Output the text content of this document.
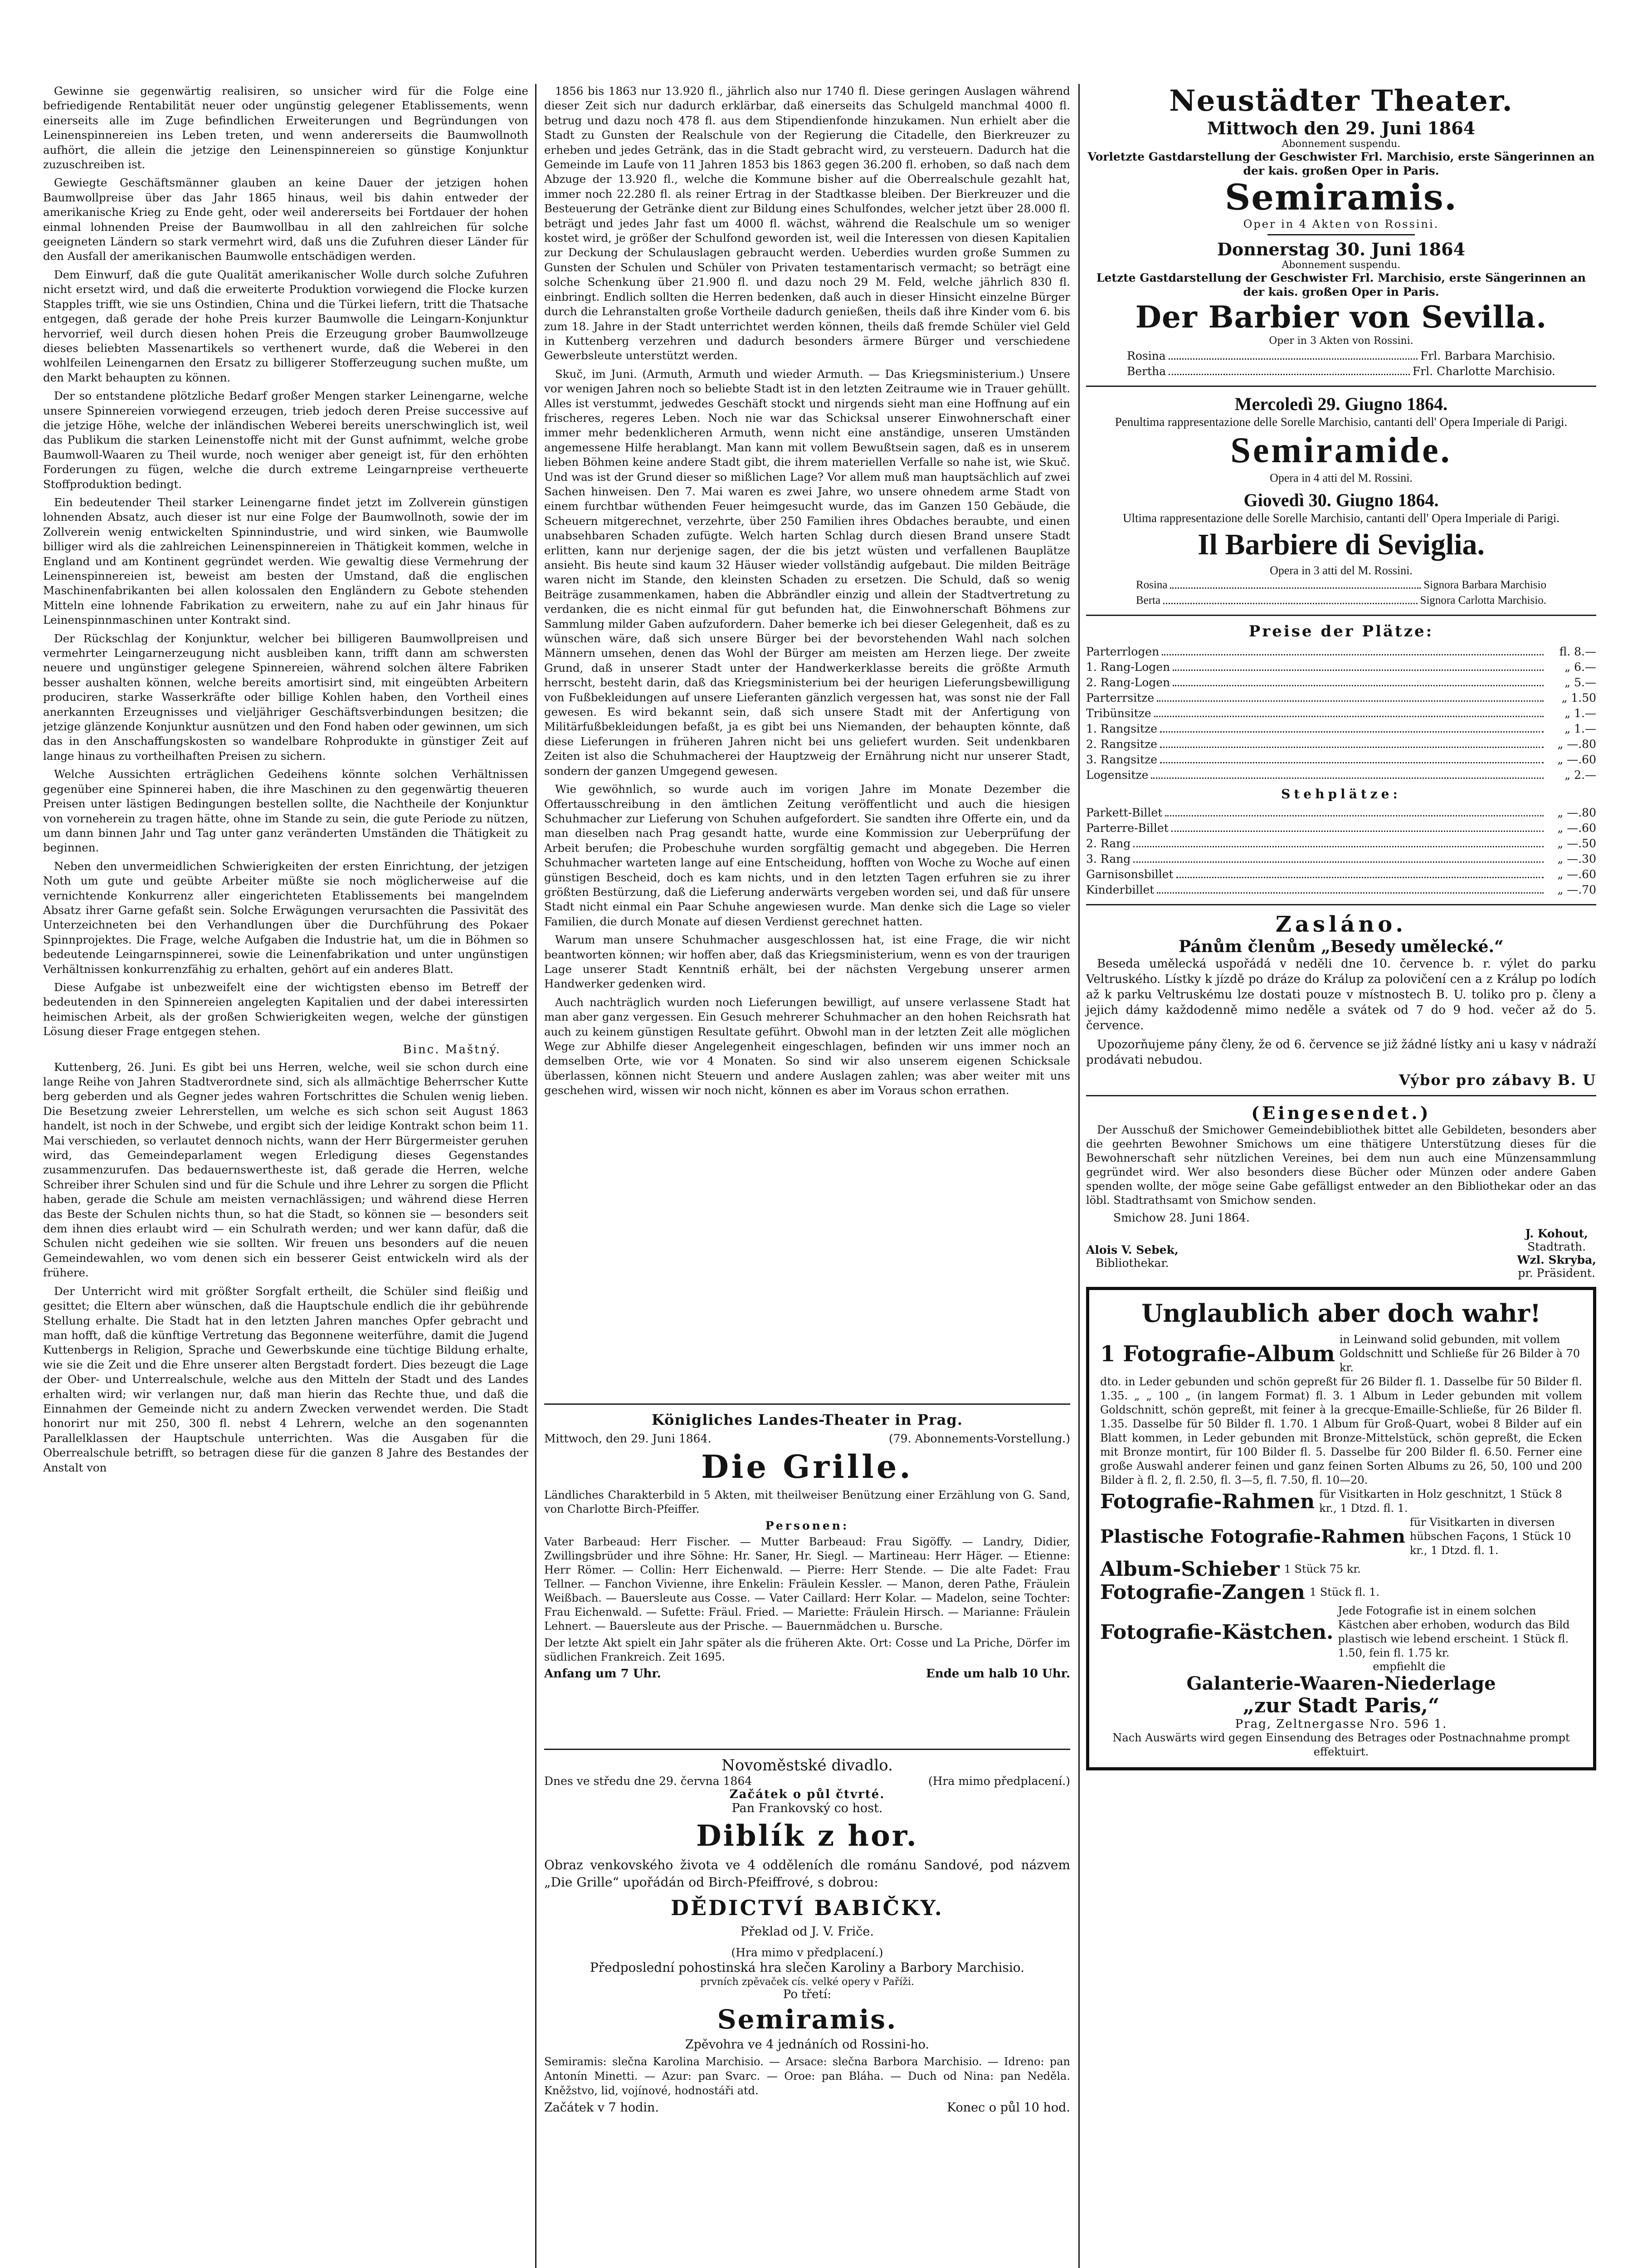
Gewinne sie gegenwärtig realisiren, so unsicher wird für die Folge eine befriedigende Rentabilität neuer oder ungünstig gelegener Etablissements, wenn einerseits alle im Zuge befindlichen Erweiterungen und Begründungen von Leinenspinnereien ins Leben treten, und wenn andererseits die Baumwollnoth aufhört, die allein die jetzige den Leinenspinnereien so günstige Konjunktur zuzuschreiben ist.

Gewiegte Geschäftsmänner glauben an keine Dauer der jetzigen hohen Baumwollpreise über das Jahr 1865 hinaus, weil bis dahin entweder der amerikanische Krieg zu Ende geht, oder weil andererseits bei Fortdauer der hohen einmal lohnenden Preise der Baumwollbau in all den zahlreichen für solche geeigneten Ländern so stark vermehrt wird, daß uns die Zufuhren dieser Länder für den Ausfall der amerikanischen Baumwolle entschädigen werden.

Dem Einwurf, daß die gute Qualität amerikanischer Wolle durch solche Zufuhren nicht ersetzt wird, und daß die erweiterte Produktion vorwiegend die Flocke kurzen Stapples trifft, wie sie uns Ostindien, China und die Türkei liefern, tritt die Thatsache entgegen, daß gerade der hohe Preis kurzer Baumwolle die Leingarn-Konjunktur hervorrief, weil durch diesen hohen Preis die Erzeugung grober Baumwollzeuge dieses beliebten Massenartikels so verthenert wurde, daß die Weberei in den wohlfeilen Leinengarnen den Ersatz zu billigerer Stofferzeugung suchen mußte, um den Markt behaupten zu können.

Der so entstandene plötzliche Bedarf großer Mengen starker Leinengarne, welche unsere Spinnereien vorwiegend erzeugen, trieb jedoch deren Preise successive auf die jetzige Höhe, welche der inländischen Weberei bereits unerschwinglich ist, weil das Publikum die starken Leinenstoffe nicht mit der Gunst aufnimmt, welche grobe Baumwoll-Waaren zu Theil wurde, noch weniger aber geneigt ist, für den erhöhten Forderungen zu fügen, welche die durch extreme Leingarnpreise vertheuerte Stoffproduktion bedingt.

Ein bedeutender Theil starker Leinengarne findet jetzt im Zollverein günstigen lohnenden Absatz, auch dieser ist nur eine Folge der Baumwollnoth, sowie der im Zollverein wenig entwickelten Spinnindustrie, und wird sinken, wie Baumwolle billiger wird als die zahlreichen Leinenspinnereien in Thätigkeit kommen, welche in England und am Kontinent gegründet werden. Wie gewaltig diese Vermehrung der Leinenspinnereien ist, beweist am besten der Umstand, daß die englischen Maschinenfabrikanten bei allen kolossalen den Engländern zu Gebote stehenden Mitteln eine lohnende Fabrikation zu erweitern, nahe zu auf ein Jahr hinaus für Leinenspinnmaschinen unter Kontrakt sind.

Der Rückschlag der Konjunktur, welcher bei billigeren Baumwollpreisen und vermehrter Leingarnerzeugung nicht ausbleiben kann, trifft dann am schwersten neuere und ungünstiger gelegene Spinnereien, während solchen ältere Fabriken besser aushalten können, welche bereits amortisirt sind, mit eingeübten Arbeitern produciren, starke Wasserkräfte oder billige Kohlen haben, den Vortheil eines anerkannten Erzeugnisses und vieljähriger Geschäftsverbindungen besitzen; die jetzige glänzende Konjunktur ausnützen und den Fond haben oder gewinnen, um sich das in den Anschaffungskosten so wandelbare Rohprodukte in günstiger Zeit auf lange hinaus zu vortheilhaften Preisen zu sichern.

Welche Aussichten erträglichen Gedeihens könnte solchen Verhältnissen gegenüber eine Spinnerei haben, die ihre Maschinen zu den gegenwärtig theueren Preisen unter lästigen Bedingungen bestellen sollte, die Nachtheile der Konjunktur von vorneherein zu tragen hätte, ohne im Stande zu sein, die gute Periode zu nützen, um dann binnen Jahr und Tag unter ganz veränderten Umständen die Thätigkeit zu beginnen.

Neben den unvermeidlichen Schwierigkeiten der ersten Einrichtung, der jetzigen Noth um gute und geübte Arbeiter müßte sie noch möglicherweise auf die vernichtende Konkurrenz aller eingerichteten Etablissements bei mangelndem Absatz ihrer Garne gefaßt sein. Solche Erwägungen verursachten die Passivität des Unterzeichneten bei den Verhandlungen über die Durchführung des Pokaer Spinnprojektes. Die Frage, welche Aufgaben die Industrie hat, um die in Böhmen so bedeutende Leingarnspinnerei, sowie die Leinenfabrikation und unter ungünstigen Verhältnissen konkurrenzfähig zu erhalten, gehört auf ein anderes Blatt.

Diese Aufgabe ist unbezweifelt eine der wichtigsten ebenso im Betreff der bedeutenden in den Spinnereien angelegten Kapitalien und der dabei interessirten heimischen Arbeit, als der großen Schwierigkeiten wegen, welche der günstigen Lösung dieser Frage entgegen stehen.

Binc. Maštný.

Kuttenberg, 26. Juni. Es gibt bei uns Herren, welche, weil sie schon durch eine lange Reihe von Jahren Stadtverordnete sind, sich als allmächtige Beherrscher Kutte berg geberden und als Gegner jedes wahren Fortschrittes die Schulen wenig lieben. Die Besetzung zweier Lehrerstellen, um welche es sich schon seit August 1863 handelt, ist noch in der Schwebe, und ergibt sich der leidige Kontrakt schon beim 11. Mai verschieden, so verlautet dennoch nichts, wann der Herr Bürgermeister geruhen wird, das Gemeindeparlament wegen Erledigung dieses Gegenstandes zusammenzurufen. Das bedauernswertheste ist, daß gerade die Herren, welche Schreiber ihrer Schulen sind und für die Schule und ihre Lehrer zu sorgen die Pflicht haben, gerade die Schule am meisten vernachlässigen; und während diese Herren das Beste der Schulen nichts thun, so hat die Stadt, so können sie — besonders seit dem ihnen dies erlaubt wird — ein Schulrath werden; und wer kann dafür, daß die Schulen nicht gedeihen wie sie sollten. Wir freuen uns besonders auf die neuen Gemeindewahlen, wo vom denen sich ein besserer Geist entwickeln wird als der frühere.

Der Unterricht wird mit größter Sorgfalt ertheilt, die Schüler sind fleißig und gesittet; die Eltern aber wünschen, daß die Hauptschule endlich die ihr gebührende Stellung erhalte. Die Stadt hat in den letzten Jahren manches Opfer gebracht und man hofft, daß die künftige Vertretung das Begonnene weiterführe, damit die Jugend Kuttenbergs in Religion, Sprache und Gewerbskunde eine tüchtige Bildung erhalte, wie sie die Zeit und die Ehre unserer alten Bergstadt fordert. Dies bezeugt die Lage der Ober- und Unterrealschule, welche aus den Mitteln der Stadt und des Landes erhalten wird; wir verlangen nur, daß man hierin das Rechte thue, und daß die Einnahmen der Gemeinde nicht zu andern Zwecken verwendet werden. Die Stadt honorirt nur mit 250, 300 fl. nebst 4 Lehrern, welche an den sogenannten Parallelklassen der Hauptschule unterrichten. Was die Ausgaben für die Oberrealschule betrifft, so betragen diese für die ganzen 8 Jahre des Bestandes der Anstalt von

1856 bis 1863 nur 13.920 fl., jährlich also nur 1740 fl. Diese geringen Auslagen während dieser Zeit sich nur dadurch erklärbar, daß einerseits das Schulgeld manchmal 4000 fl. betrug und dazu noch 478 fl. aus dem Stipendienfonde hinzukamen. Nun erhielt aber die Stadt zu Gunsten der Realschule von der Regierung die Citadelle, den Bierkreuzer zu erheben und jedes Getränk, das in die Stadt gebracht wird, zu versteuern. Dadurch hat die Gemeinde im Laufe von 11 Jahren 1853 bis 1863 gegen 36.200 fl. erhoben, so daß nach dem Abzuge der 13.920 fl., welche die Kommune bisher auf die Oberrealschule gezahlt hat, immer noch 22.280 fl. als reiner Ertrag in der Stadtkasse bleiben. Der Bierkreuzer und die Besteuerung der Getränke dient zur Bildung eines Schulfondes, welcher jetzt über 28.000 fl. beträgt und jedes Jahr fast um 4000 fl. wächst, während die Realschule um so weniger kostet wird, je größer der Schulfond geworden ist, weil die Interessen von diesen Kapitalien zur Deckung der Schulauslagen gebraucht werden. Ueberdies wurden große Summen zu Gunsten der Schulen und Schüler von Privaten testamentarisch vermacht; so beträgt eine solche Schenkung über 21.900 fl. und dazu noch 29 M. Feld, welche jährlich 830 fl. einbringt. Endlich sollten die Herren bedenken, daß auch in dieser Hinsicht einzelne Bürger durch die Lehranstalten große Vortheile dadurch genießen, theils daß ihre Kinder vom 6. bis zum 18. Jahre in der Stadt unterrichtet werden können, theils daß fremde Schüler viel Geld in Kuttenberg verzehren und dadurch besonders ärmere Bürger und verschiedene Gewerbsleute unterstützt werden.

Skuč, im Juni. (Armuth, Armuth und wieder Armuth. — Das Kriegsministerium.) Unsere vor wenigen Jahren noch so beliebte Stadt ist in den letzten Zeitraume wie in Trauer gehüllt. Alles ist verstummt, jedwedes Geschäft stockt und nirgends sieht man eine Hoffnung auf ein frischeres, regeres Leben. Noch nie war das Schicksal unserer Einwohnerschaft einer immer mehr bedenklicheren Armuth, wenn nicht eine anständige, unseren Umständen angemessene Hilfe herablangt. Man kann mit vollem Bewußtsein sagen, daß es in unserem lieben Böhmen keine andere Stadt gibt, die ihrem materiellen Verfalle so nahe ist, wie Skuč. Und was ist der Grund dieser so mißlichen Lage? Vor allem muß man hauptsächlich auf zwei Sachen hinweisen. Den 7. Mai waren es zwei Jahre, wo unsere ohnedem arme Stadt von einem furchtbar wüthenden Feuer heimgesucht wurde, das im Ganzen 150 Gebäude, die Scheuern mitgerechnet, verzehrte, über 250 Familien ihres Obdaches beraubte, und einen unabsehbaren Schaden zufügte. Welch harten Schlag durch diesen Brand unsere Stadt erlitten, kann nur derjenige sagen, der die bis jetzt wüsten und verfallenen Bauplätze ansieht. Bis heute sind kaum 32 Häuser wieder vollständig aufgebaut. Die milden Beiträge waren nicht im Stande, den kleinsten Schaden zu ersetzen. Die Schuld, daß so wenig Beiträge zusammenkamen, haben die Abbrändler einzig und allein der Stadtvertretung zu verdanken, die es nicht einmal für gut befunden hat, die Einwohnerschaft Böhmens zur Sammlung milder Gaben aufzufordern. Daher bemerke ich bei dieser Gelegenheit, daß es zu wünschen wäre, daß sich unsere Bürger bei der bevorstehenden Wahl nach solchen Männern umsehen, denen das Wohl der Bürger am meisten am Herzen liege. Der zweite Grund, daß in unserer Stadt unter der Handwerkerklasse bereits die größte Armuth herrscht, besteht darin, daß das Kriegsministerium bei der heurigen Lieferungsbewilligung von Fußbekleidungen auf unsere Lieferanten gänzlich vergessen hat, was sonst nie der Fall gewesen. Es wird bekannt sein, daß sich unsere Stadt mit der Anfertigung von Militärfußbekleidungen befaßt, ja es gibt bei uns Niemanden, der behaupten könnte, daß diese Lieferungen in früheren Jahren nicht bei uns geliefert wurden. Seit undenkbaren Zeiten ist also die Schuhmacherei der Hauptzweig der Ernährung nicht nur unserer Stadt, sondern der ganzen Umgegend gewesen.

Wie gewöhnlich, so wurde auch im vorigen Jahre im Monate Dezember die Offertausschreibung in den ämtlichen Zeitung veröffentlicht und auch die hiesigen Schuhmacher zur Lieferung von Schuhen aufgefordert. Sie sandten ihre Offerte ein, und da man dieselben nach Prag gesandt hatte, wurde eine Kommission zur Ueberprüfung der Arbeit berufen; die Probeschuhe wurden sorgfältig gemacht und abgegeben. Die Herren Schuhmacher warteten lange auf eine Entscheidung, hofften von Woche zu Woche auf einen günstigen Bescheid, doch es kam nichts, und in den letzten Tagen erfuhren sie zu ihrer größten Bestürzung, daß die Lieferung anderwärts vergeben worden sei, und daß für unsere Stadt nicht einmal ein Paar Schuhe angewiesen wurde. Man denke sich die Lage so vieler Familien, die durch Monate auf diesen Verdienst gerechnet hatten.

Warum man unsere Schuhmacher ausgeschlossen hat, ist eine Frage, die wir nicht beantworten können; wir hoffen aber, daß das Kriegsministerium, wenn es von der traurigen Lage unserer Stadt Kenntniß erhält, bei der nächsten Vergebung unserer armen Handwerker gedenken wird.

Auch nachträglich wurden noch Lieferungen bewilligt, auf unsere verlassene Stadt hat man aber ganz vergessen. Ein Gesuch mehrerer Schuhmacher an den hohen Reichsrath hat auch zu keinem günstigen Resultate geführt. Obwohl man in der letzten Zeit alle möglichen Wege zur Abhilfe dieser Angelegenheit eingeschlagen, befinden wir uns immer noch an demselben Orte, wie vor 4 Monaten. So sind wir also unserem eigenen Schicksale überlassen, können nicht Steuern und andere Auslagen zahlen; was aber weiter mit uns geschehen wird, wissen wir noch nicht, können es aber im Voraus schon errathen.

Königliches Landes-Theater in Prag.
Mittwoch, den 29. Juni 1864.	(79. Abonnements-Vorstellung.)
Die Grille.
Ländliches Charakterbild in 5 Akten, mit theilweiser Benützung einer Erzählung von G. Sand, von Charlotte Birch-Pfeiffer.
Personen:
Vater Barbeaud: Herr Fischer. — Mutter Barbeaud: Frau Sigöffy. — Landry, Didier, Zwillingsbrüder und ihre Söhne: Hr. Saner, Hr. Siegl. — Martineau: Herr Häger. — Etienne: Herr Römer. — Collin: Herr Eichenwald. — Pierre: Herr Stende. — Die alte Fadet: Frau Tellner. — Fanchon Vivienne, ihre Enkelin: Fräulein Kessler. — Manon, deren Pathe, Fräulein Weißbach. — Bauersleute aus Cosse. — Vater Caillard: Herr Kolar. — Madelon, seine Tochter: Frau Eichenwald. — Sufette: Fräul. Fried. — Mariette: Fräulein Hirsch. — Marianne: Fräulein Lehnert. — Bauersleute aus der Prische. — Bauernmädchen u. Bursche.
Der letzte Akt spielt ein Jahr später als die früheren Akte. Ort: Cosse und La Priche, Dörfer im südlichen Frankreich. Zeit 1695.
Anfang um 7 Uhr.	Ende um halb 10 Uhr.
Novoměstské divadlo.
Dnes ve středu dne 29. června 1864	(Hra mimo předplacení.)
Začátek o půl čtvrté.
Pan Frankovský co host.
Diblík z hor.
Obraz venkovského života ve 4 odděleních dle románu Sandové, pod názvem „Die Grille“ upořádán od Birch-Pfeiffrové, s dobrou:
DĚDICTVÍ BABIČKY.
Překlad od J. V. Friče.
(Hra mimo v předplacení.)
Předposlední pohostinská hra slečen Karoliny a Barbory Marchisio.
prvních zpěvaček cís. velké opery v Paříži.
Po třetí:
Semiramis.
Zpěvohra ve 4 jednáních od Rossini-ho.
Semiramis: slečna Karolina Marchisio. — Arsace: slečna Barbora Marchisio. — Idreno: pan Antonín Minetti. — Azur: pan Svarc. — Oroe: pan Bláha. — Duch od Nina: pan Neděla. Kněžstvo, lid, vojínové, hodnostáři atd.
Začátek v 7 hodin.	Konec o půl 10 hod.
Neustädter Theater.
Mittwoch den 29. Juni 1864
Abonnement suspendu.
Vorletzte Gastdarstellung der Geschwister Frl. Marchisio, erste Sängerinnen an der kais. großen Oper in Paris.
Semiramis.
Oper in 4 Akten von Rossini.
Donnerstag 30. Juni 1864
Abonnement suspendu.
Letzte Gastdarstellung der Geschwister Frl. Marchisio, erste Sängerinnen an der kais. großen Oper in Paris.
Der Barbier von Sevilla.
Oper in 3 Akten von Rossini.
Rosina	Frl. Barbara Marchisio.
Bertha	Frl. Charlotte Marchisio.
Mercoledì 29. Giugno 1864.
Penultima rappresentazione delle Sorelle Marchisio, cantanti dell' Opera Imperiale di Parigi.
Semiramide.
Opera in 4 atti del M. Rossini.
Giovedì 30. Giugno 1864.
Ultima rappresentazione delle Sorelle Marchisio, cantanti dell' Opera Imperiale di Parigi.
Il Barbiere di Seviglia.
Opera in 3 atti del M. Rossini.
Rosina	Signora Barbara Marchisio
Berta	Signora Carlotta Marchisio.
Preise der Plätze:
Parterrlogen	fl. 8.—
1. Rang-Logen	„ 6.—
2. Rang-Logen	„ 5.—
Parterrsitze	„ 1.50
Tribünsitze	„ 1.—
1. Rangsitze	„ 1.—
2. Rangsitze	„ —.80
3. Rangsitze	„ —.60
Logensitze	„ 2.—
Stehplätze:
Parkett-Billet	„ —.80
Parterre-Billet	„ —.60
2. Rang	„ —.50
3. Rang	„ —.30
Garnisonsbillet	„ —.60
Kinderbillet	„ —.70
Zasláno.
Pánům členům „Besedy umělecké.“

Beseda umělecká uspořádá v neděli dne 10. července b. r. výlet do parku Veltruského. Lístky k jízdě po dráze do Králup za polovičení cen a z Králup po lodích až k parku Veltruskému lze dostati pouze v místnostech B. U. toliko pro p. členy a jejich dámy každodenně mimo neděle a svátek od 7 do 9 hod. večer až do 5. července.

Upozorňujeme pány členy, že od 6. července se již žádné lístky ani u kasy v nádraží prodávati nebudou.

Výbor pro zábavy B. U
(Eingesendet.)

Der Ausschuß der Smichower Gemeindebibliothek bittet alle Gebildeten, besonders aber die geehrten Bewohner Smichows um eine thätigere Unterstützung dieses für die Bewohnerschaft sehr nützlichen Vereines, bei dem nun auch eine Münzensammlung gegründet wird. Wer also besonders diese Bücher oder Münzen oder andere Gaben spenden wollte, der möge seine Gabe gefälligst entweder an den Bibliothekar oder an das löbl. Stadtrathsamt von Smichow senden.

Smichow 28. Juni 1864.
Alois V. Sebek,
Bibliothekar.
J. Kohout,
Stadtrath.
Wzl. Skryba,
pr. Präsident.
Unglaublich aber doch wahr!
1 Fotografie-Album
in Leinwand solid gebunden, mit vollem Goldschnitt und Schließe für 26 Bilder à 70 kr.
dto. in Leder gebunden und schön gepreßt für 26 Bilder fl. 1. Dasselbe für 50 Bilder fl. 1.35. „ „ 100 „ (in langem Format) fl. 3. 1 Album in Leder gebunden mit vollem Goldschnitt, schön gepreßt, mit feiner à la grecque-Emaille-Schließe, für 26 Bilder fl. 1.35. Dasselbe für 50 Bilder fl. 1.70. 1 Album für Groß-Quart, wobei 8 Bilder auf ein Blatt kommen, in Leder gebunden mit Bronze-Mittelstück, schön gepreßt, die Ecken mit Bronze montirt, für 100 Bilder fl. 5. Dasselbe für 200 Bilder fl. 6.50. Ferner eine große Auswahl anderer feinen und ganz feinen Sorten Albums zu 26, 50, 100 und 200 Bilder à fl. 2, fl. 2.50, fl. 3—5, fl. 7.50, fl. 10—20.
Fotografie-Rahmen für Visitkarten in Holz geschnitzt, 1 Stück 8 kr., 1 Dtzd. fl. 1.
Plastische Fotografie-Rahmen
für Visitkarten in diversen hübschen Façons, 1 Stück 10 kr., 1 Dtzd. fl. 1.
Album-Schieber 1 Stück 75 kr.
Fotografie-Zangen 1 Stück fl. 1.
Fotografie-Kästchen.
Jede Fotografie ist in einem solchen Kästchen aber erhoben, wodurch das Bild plastisch wie lebend erscheint. 1 Stück fl. 1.50, fein fl. 1.75 kr.
empfiehlt die
Galanterie-Waaren-Niederlage
„zur Stadt Paris,“
Prag, Zeltnergasse Nro. 596 1.
Nach Auswärts wird gegen Einsendung des Betrages oder Postnachnahme prompt effektuirt.
